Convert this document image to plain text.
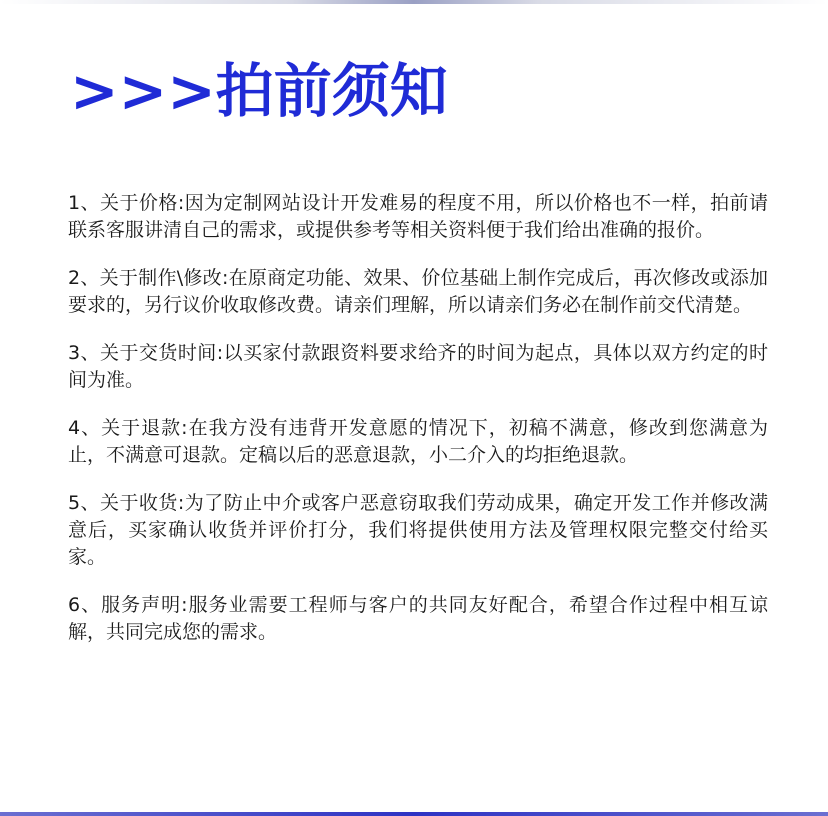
>>>拍前须知

1、关于价格:因为定制网站设计开发难易的程度不用，所以价格也不一样，拍前请联系客服讲清自己的需求，或提供参考等相关资料便于我们给出准确的报价。

2、关于制作\修改:在原商定功能、效果、价位基础上制作完成后，再次修改或添加要求的，另行议价收取修改费。请亲们理解，所以请亲们务必在制作前交代清楚。

3、关于交货时间:以买家付款跟资料要求给齐的时间为起点，具体以双方约定的时间为准。

4、关于退款:在我方没有违背开发意愿的情况下，初稿不满意，修改到您满意为止，不满意可退款。定稿以后的恶意退款，小二介入的均拒绝退款。

5、关于收货:为了防止中介或客户恶意窃取我们劳动成果，确定开发工作并修改满意后，买家确认收货并评价打分，我们将提供使用方法及管理权限完整交付给买家。

6、服务声明:服务业需要工程师与客户的共同友好配合，希望合作过程中相互谅解，共同完成您的需求。
